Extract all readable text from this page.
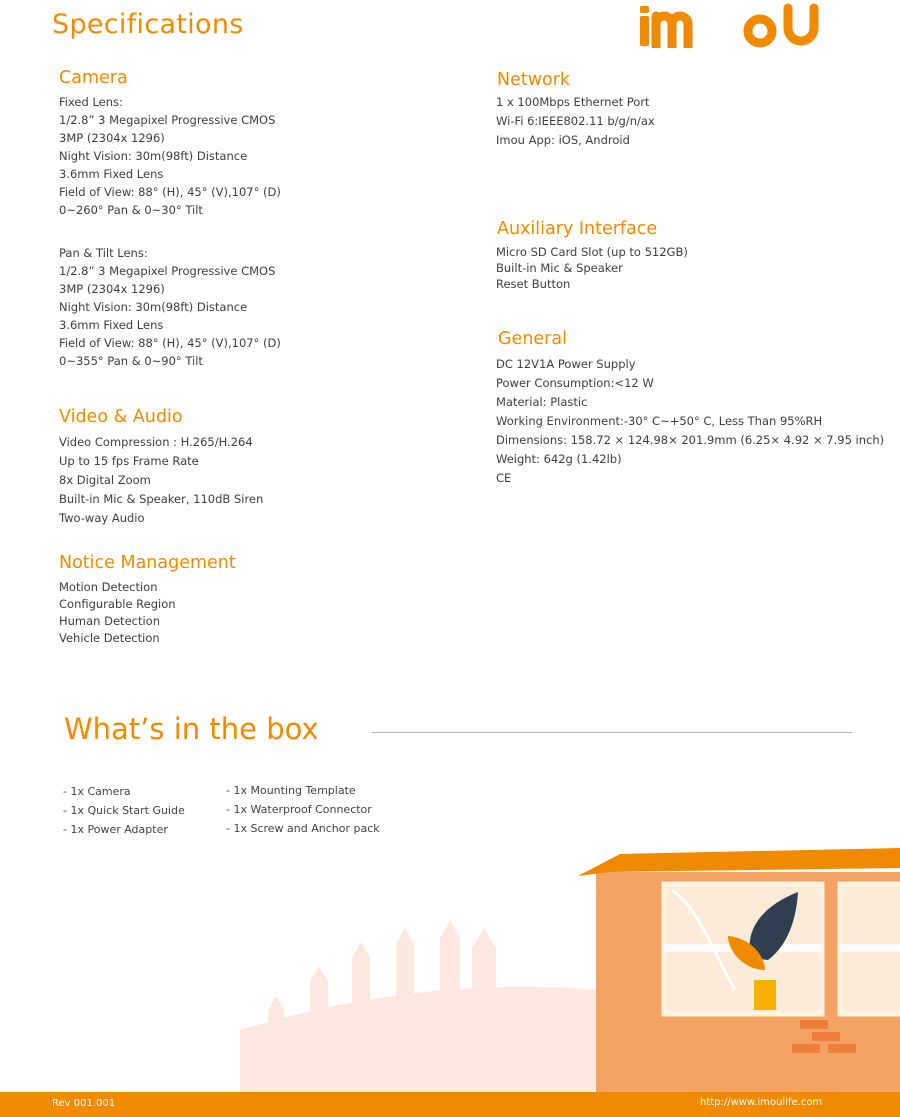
Specifications
Camera
Fixed Lens:
1/2.8” 3 Megapixel Progressive CMOS
3MP (2304x 1296)
Night Vision: 30m(98ft) Distance
3.6mm Fixed Lens
Field of View: 88° (H), 45° (V),107° (D)
0~260° Pan & 0~30° Tilt
Pan & Tilt Lens:
1/2.8” 3 Megapixel Progressive CMOS
3MP (2304x 1296)
Night Vision: 30m(98ft) Distance
3.6mm Fixed Lens
Field of View: 88° (H), 45° (V),107° (D)
0~355° Pan & 0~90° Tilt
Video & Audio
Video Compression : H.265/H.264
Up to 15 fps Frame Rate
8x Digital Zoom
Built-in Mic & Speaker, 110dB Siren
Two-way Audio
Notice Management
Motion Detection
Configurable Region
Human Detection
Vehicle Detection
Network
1 x 100Mbps Ethernet Port
Wi-Fi 6:IEEE802.11 b/g/n/ax
Imou App: iOS, Android
Auxiliary Interface
Micro SD Card Slot (up to 512GB)
Built-in Mic & Speaker
Reset Button
General
DC 12V1A Power Supply
Power Consumption:<12 W
Material: Plastic
Working Environment:-30° C~+50° C, Less Than 95%RH
Dimensions: 158.72 × 124.98× 201.9mm (6.25× 4.92 × 7.95 inch)
Weight: 642g (1.42lb)
CE
What’s in the box
- 1x Camera
- 1x Quick Start Guide
- 1x Power Adapter
- 1x Mounting Template
- 1x Waterproof Connector
- 1x Screw and Anchor pack
Rev 001.001	http://www.imoulife.com
